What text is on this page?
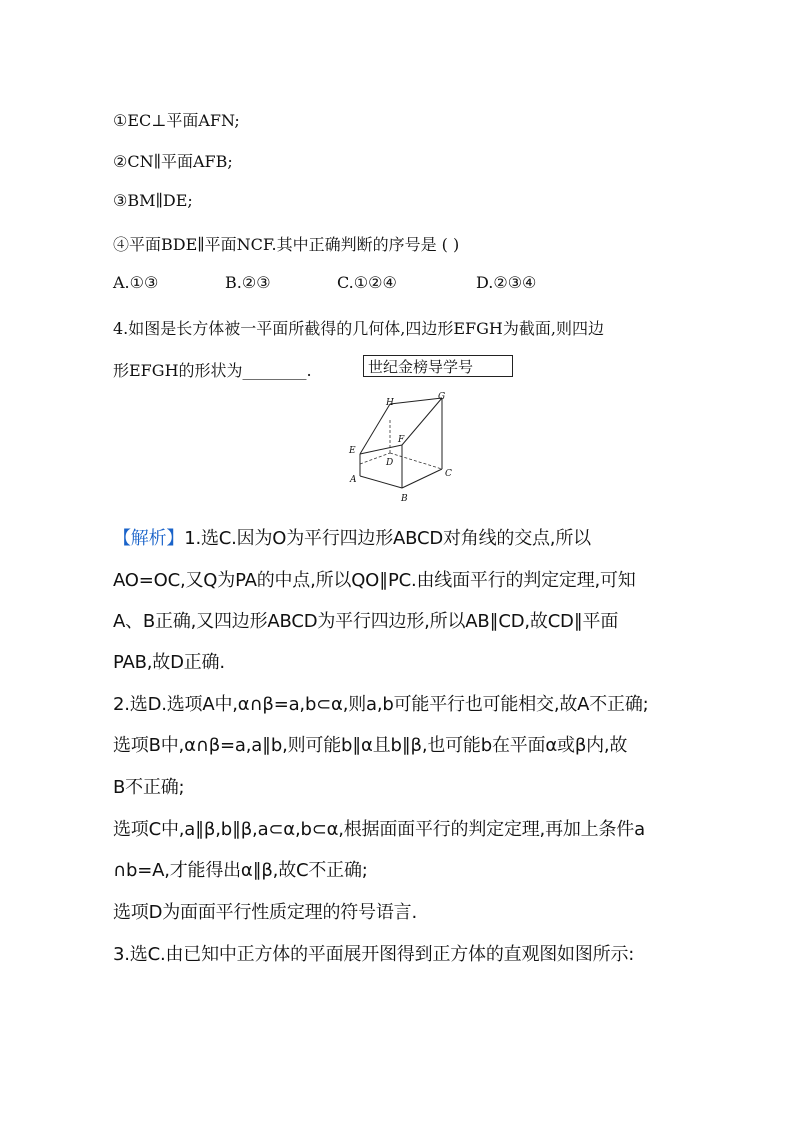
①EC⊥平面AFN;
②CN∥平面AFB;
③BM∥DE;
④平面BDE∥平面NCF.其中正确判断的序号是 ( )
A.①③	B.②③	C.①②④	D.②③④
4.如图是长方体被一平面所截得的几何体,四边形EFGH为截面,则四边
形EFGH的形状为________.	世纪金榜导学号
A
B
C
D
E
F
G
H
【解析】1.选C.因为O为平行四边形ABCD对角线的交点,所以
AO=OC,又Q为PA的中点,所以QO∥PC.由线面平行的判定定理,可知
A、B正确,又四边形ABCD为平行四边形,所以AB∥CD,故CD∥平面
PAB,故D正确.
2.选D.选项A中,α∩β=a,b⊂α,则a,b可能平行也可能相交,故A不正确;
选项B中,α∩β=a,a∥b,则可能b∥α且b∥β,也可能b在平面α或β内,故
B不正确;
选项C中,a∥β,b∥β,a⊂α,b⊂α,根据面面平行的判定定理,再加上条件a
∩b=A,才能得出α∥β,故C不正确;
选项D为面面平行性质定理的符号语言.
3.选C.由已知中正方体的平面展开图得到正方体的直观图如图所示:
